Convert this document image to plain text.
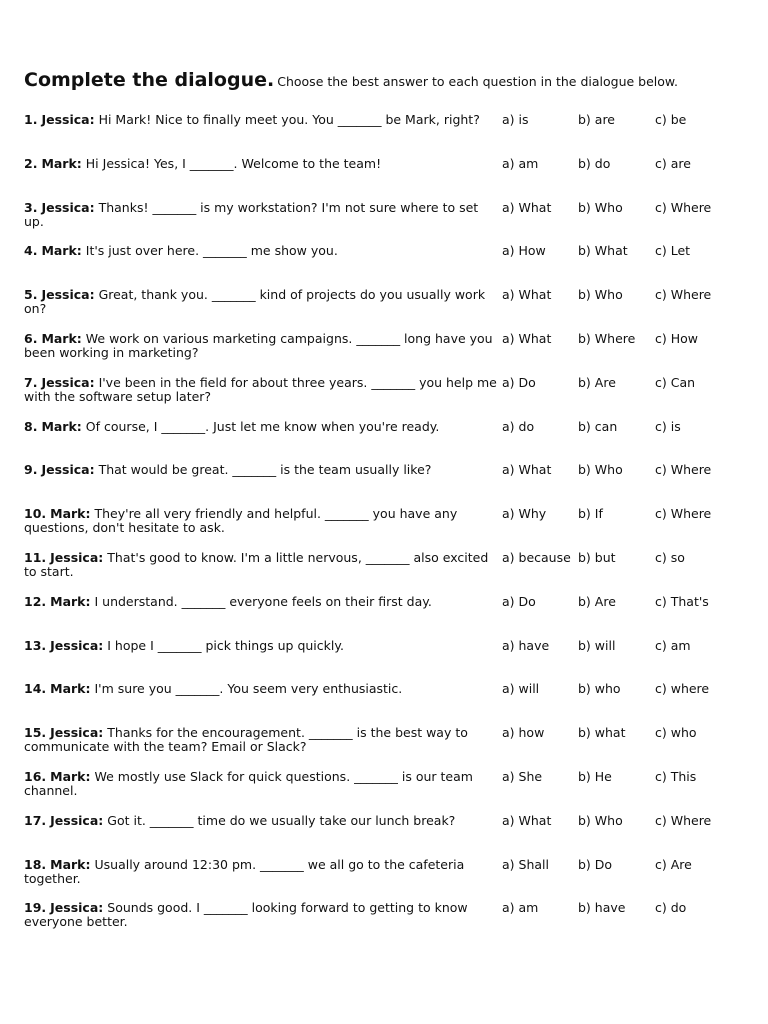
Complete the dialogue. Choose the best answer to each question in the dialogue below.
1. Jessica: Hi Mark! Nice to finally meet you. You _______ be Mark, right?	a) is	b) are	c) be
2. Mark: Hi Jessica! Yes, I _______. Welcome to the team!	a) am	b) do	c) are
3. Jessica: Thanks! _______ is my workstation? I'm not sure where to set up.
a) What b) Who	c) Where
4. Mark: It's just over here. _______ me show you.	a) How	b) What c) Let
5. Jessica: Great, thank you. _______ kind of projects do you usually work on?
a) What b) Who	c) Where
6. Mark: We work on various marketing campaigns. _______ long have you been working in marketing?
a) What b) Where c) How
7. Jessica: I've been in the field for about three years. _______ you help me with the software setup later?
a) Do	b) Are	c) Can
8. Mark: Of course, I _______. Just let me know when you're ready.	a) do	b) can	c) is
9. Jessica: That would be great. _______ is the team usually like?	a) What b) Who	c) Where
10. Mark: They're all very friendly and helpful. _______ you have any questions, don't hesitate to ask.
a) Why	b) If	c) Where
11. Jessica: That's good to know. I'm a little nervous, _______ also excited to start.
a) because b) but	c) so
12. Mark: I understand. _______ everyone feels on their first day.	a) Do	b) Are	c) That's
13. Jessica: I hope I _______ pick things up quickly.	a) have b) will	c) am
14. Mark: I'm sure you _______. You seem very enthusiastic.	a) will	b) who	c) where
15. Jessica: Thanks for the encouragement. _______ is the best way to communicate with the team? Email or Slack?
a) how	b) what c) who
16. Mark: We mostly use Slack for quick questions. _______ is our team channel.
a) She	b) He	c) This
17. Jessica: Got it. _______ time do we usually take our lunch break?	a) What b) Who	c) Where
18. Mark: Usually around 12:30 pm. _______ we all go to the cafeteria together.
a) Shall b) Do	c) Are
19. Jessica: Sounds good. I _______ looking forward to getting to know everyone better.
a) am	b) have c) do
